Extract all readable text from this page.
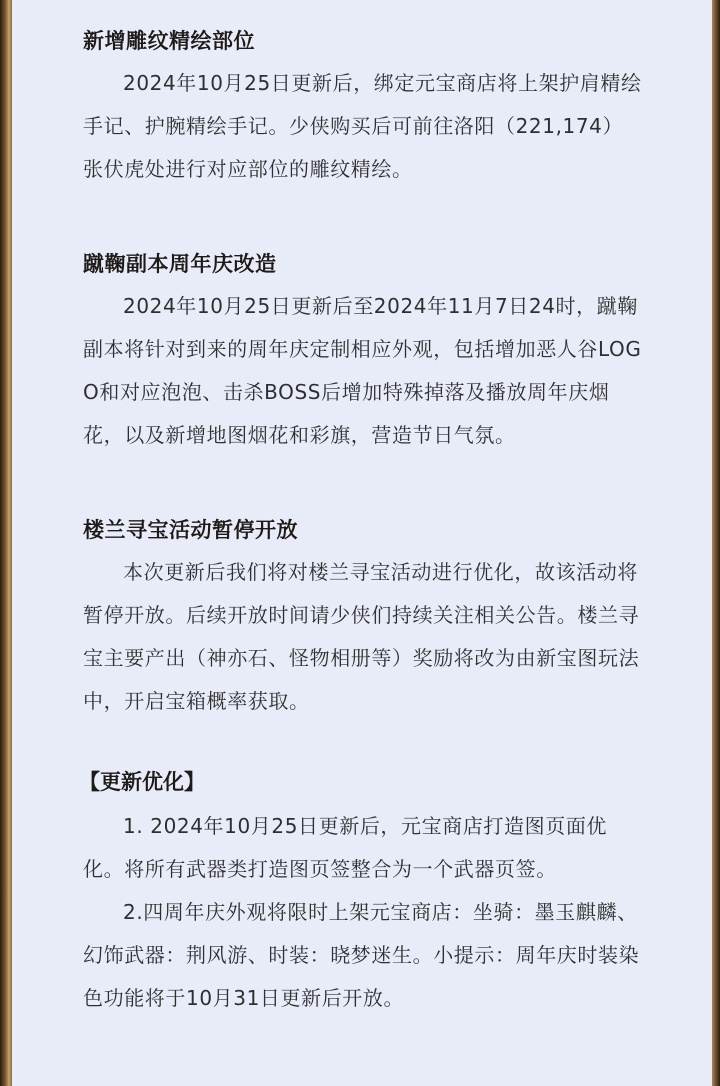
新增雕纹精绘部位

2024年10月25日更新后，绑定元宝商店将上架护肩精绘手记、护腕精绘手记。少侠购买后可前往洛阳（221,174）张伏虎处进行对应部位的雕纹精绘。

蹴鞠副本周年庆改造

2024年10月25日更新后至2024年11月7日24时，蹴鞠副本将针对到来的周年庆定制相应外观，包括增加恶人谷LOGO和对应泡泡、击杀BOSS后增加特殊掉落及播放周年庆烟花，以及新增地图烟花和彩旗，营造节日气氛。

楼兰寻宝活动暂停开放

本次更新后我们将对楼兰寻宝活动进行优化，故该活动将暂停开放。后续开放时间请少侠们持续关注相关公告。楼兰寻宝主要产出（神亦石、怪物相册等）奖励将改为由新宝图玩法中，开启宝箱概率获取。

【更新优化】

1. 2024年10月25日更新后，元宝商店打造图页面优化。将所有武器类打造图页签整合为一个武器页签。

2.四周年庆外观将限时上架元宝商店：坐骑：墨玉麒麟、幻饰武器：荆风游、时装：晓梦迷生。小提示：周年庆时装染色功能将于10月31日更新后开放。
